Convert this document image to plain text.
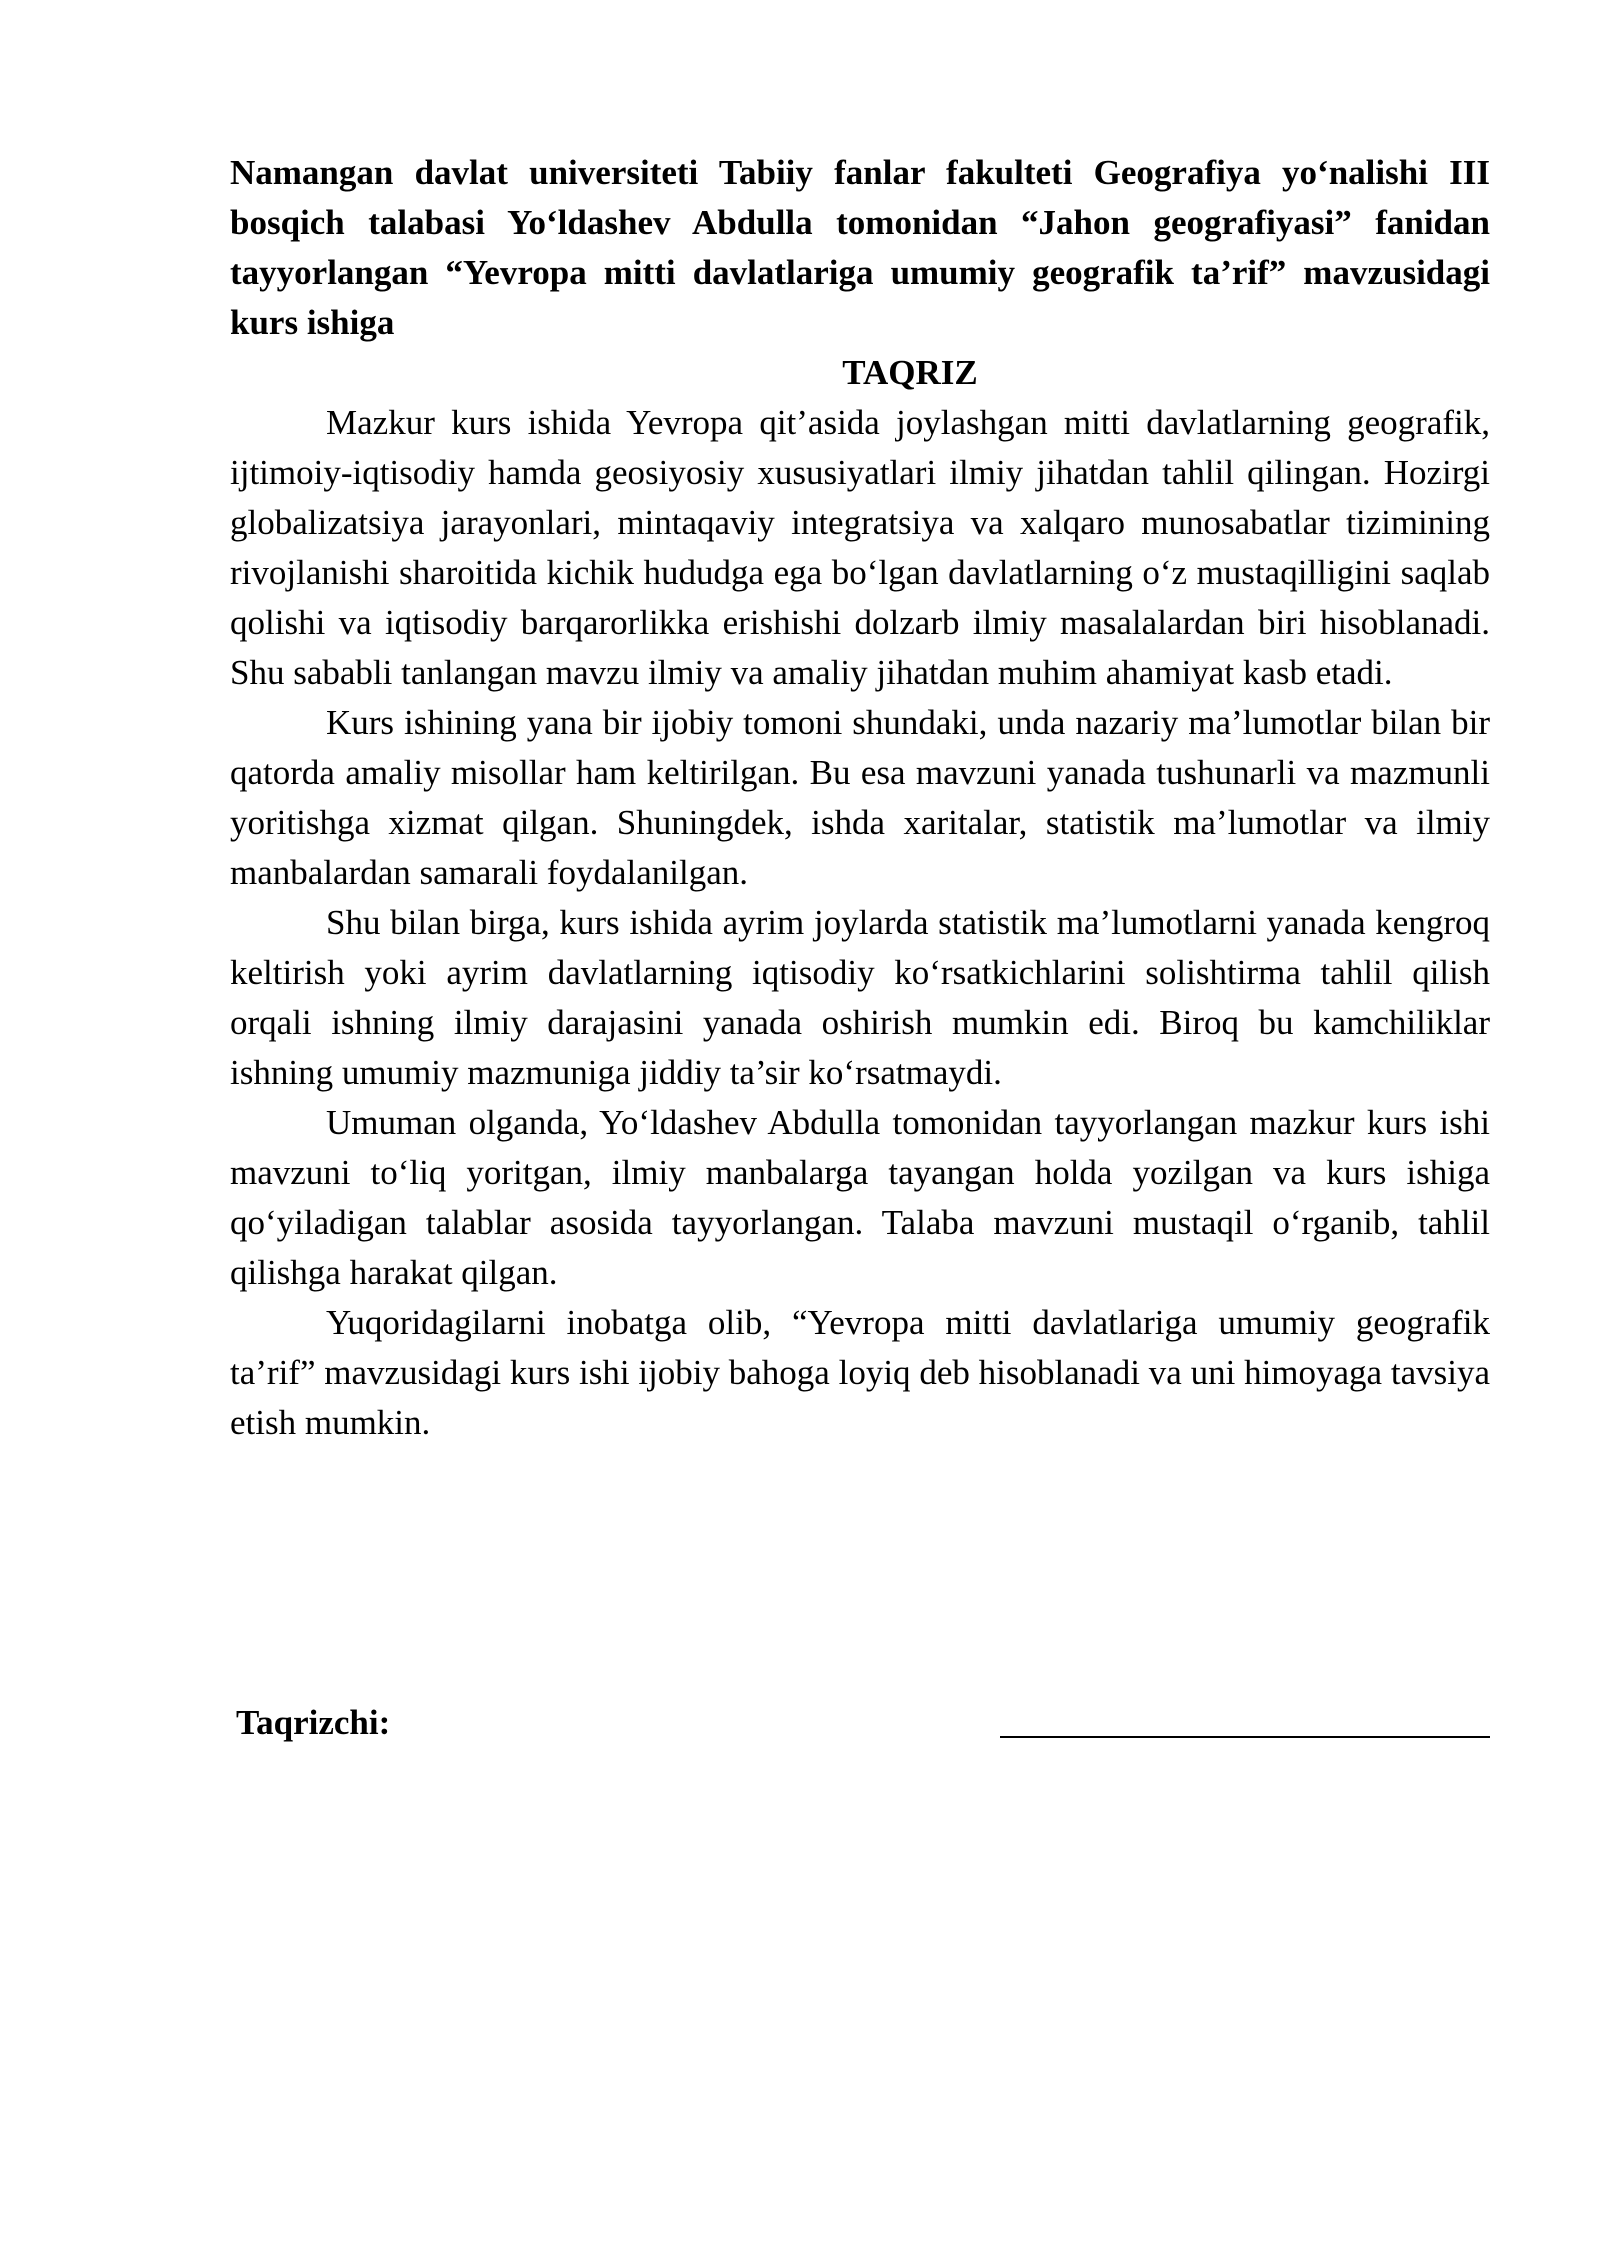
Namangan davlat universiteti Tabiiy fanlar fakulteti Geografiya yo‘nalishi III bosqich talabasi Yo‘ldashev Abdulla tomonidan “Jahon geografiyasi” fanidan tayyorlangan “Yevropa mitti davlatlariga umumiy geografik ta’rif” mavzusidagi kurs ishiga

TAQRIZ

Mazkur kurs ishida Yevropa qit’asida joylashgan mitti davlatlarning geografik, ijtimoiy-iqtisodiy hamda geosiyosiy xususiyatlari ilmiy jihatdan tahlil qilingan. Hozirgi globalizatsiya jarayonlari, mintaqaviy integratsiya va xalqaro munosabatlar tizimining rivojlanishi sharoitida kichik hududga ega bo‘lgan davlatlarning o‘z mustaqilligini saqlab qolishi va iqtisodiy barqarorlikka erishishi dolzarb ilmiy masalalardan biri hisoblanadi. Shu sababli tanlangan mavzu ilmiy va amaliy jihatdan muhim ahamiyat kasb etadi.

Kurs ishining yana bir ijobiy tomoni shundaki, unda nazariy ma’lumotlar bilan bir qatorda amaliy misollar ham keltirilgan. Bu esa mavzuni yanada tushunarli va mazmunli yoritishga xizmat qilgan. Shuningdek, ishda xaritalar, statistik ma’lumotlar va ilmiy manbalardan samarali foydalanilgan.

Shu bilan birga, kurs ishida ayrim joylarda statistik ma’lumotlarni yanada kengroq keltirish yoki ayrim davlatlarning iqtisodiy ko‘rsatkichlarini solishtirma tahlil qilish orqali ishning ilmiy darajasini yanada oshirish mumkin edi. Biroq bu kamchiliklar ishning umumiy mazmuniga jiddiy ta’sir ko‘rsatmaydi.

Umuman olganda, Yo‘ldashev Abdulla tomonidan tayyorlangan mazkur kurs ishi mavzuni to‘liq yoritgan, ilmiy manbalarga tayangan holda yozilgan va kurs ishiga qo‘yiladigan talablar asosida tayyorlangan. Talaba mavzuni mustaqil o‘rganib, tahlil qilishga harakat qilgan.

Yuqoridagilarni inobatga olib, “Yevropa mitti davlatlariga umumiy geografik ta’rif” mavzusidagi kurs ishi ijobiy bahoga loyiq deb hisoblanadi va uni himoyaga tavsiya etish mumkin.

Taqrizchi:
